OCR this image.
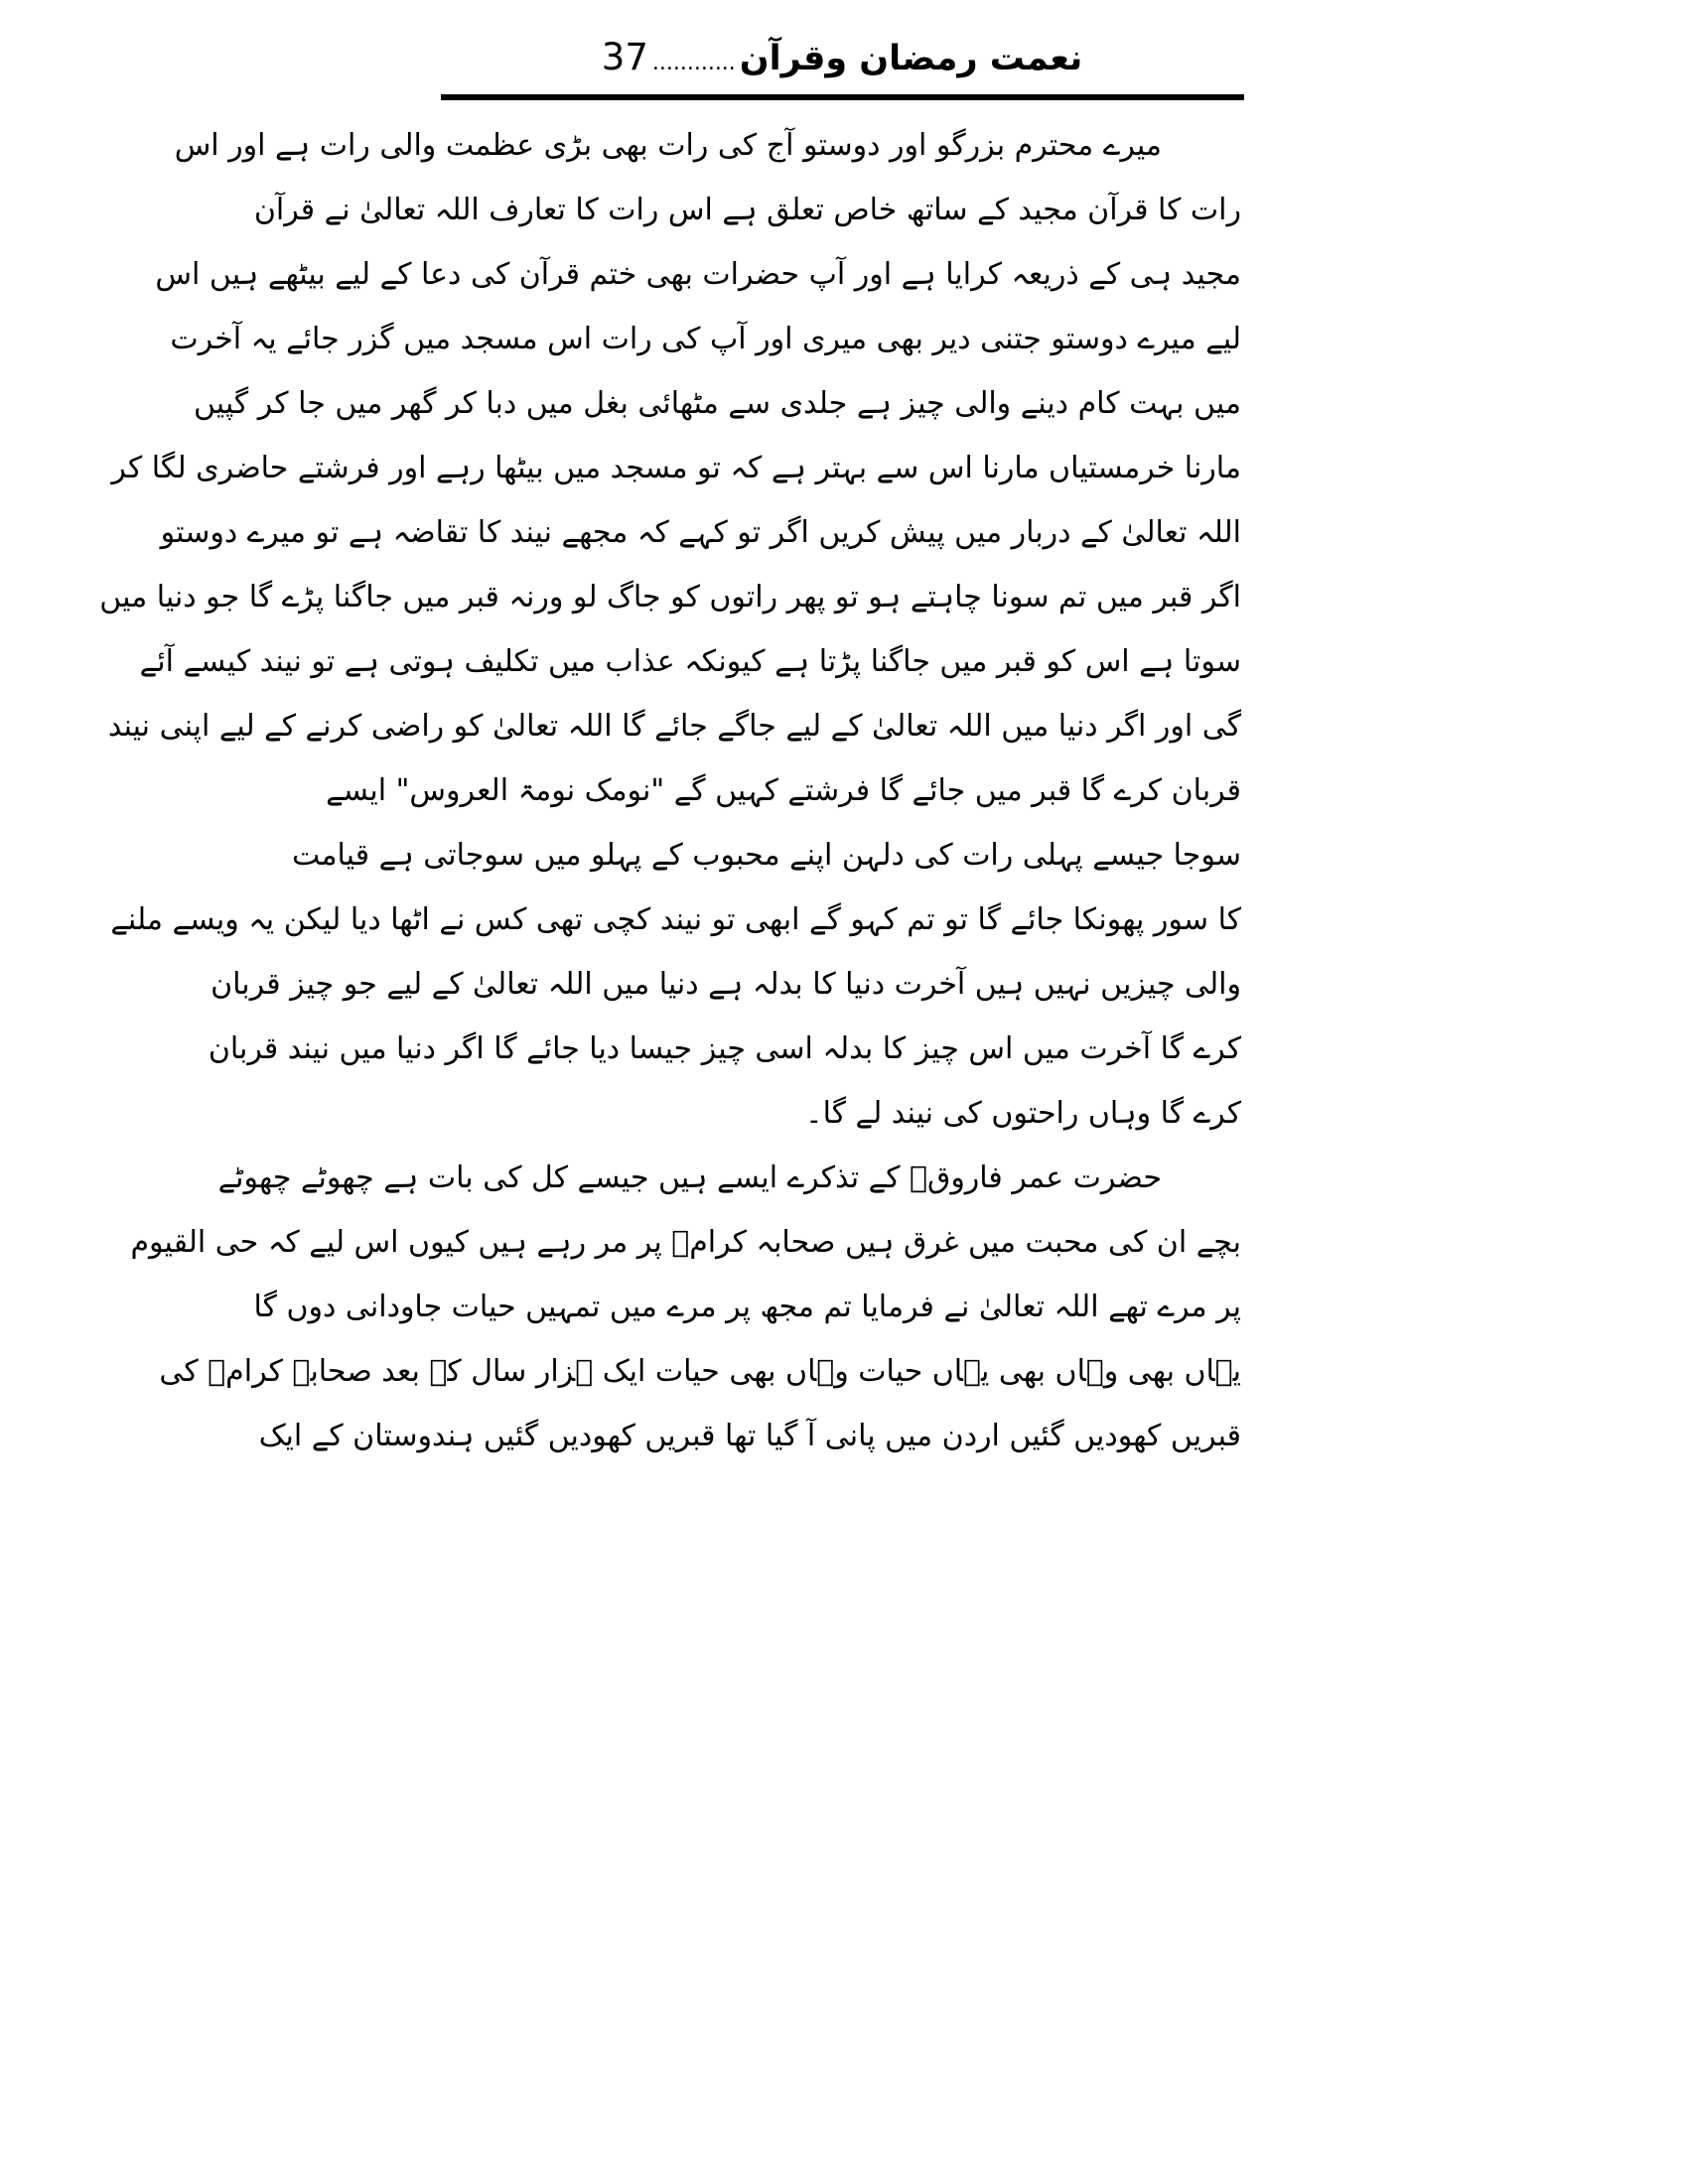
نعمت رمضان وقرآن............37
میرے محترم بزرگو اور دوستو آج کی رات بھی بڑی عظمت والی رات ہے اور اس
رات کا قرآن مجید کے ساتھ خاص تعلق ہے اس رات کا تعارف اللہ تعالیٰ نے قرآن
مجید ہی کے ذریعہ کرایا ہے اور آپ حضرات بھی ختم قرآن کی دعا کے لیے بیٹھے ہیں اس
لیے میرے دوستو جتنی دیر بھی میری اور آپ کی رات اس مسجد میں گزر جائے یہ آخرت
میں بہت کام دینے والی چیز ہے جلدی سے مٹھائی بغل میں دبا کر گھر میں جا کر گپیں
مارنا خرمستیاں مارنا اس سے بہتر ہے کہ تو مسجد میں بیٹھا رہے اور فرشتے حاضری لگا کر
اللہ تعالیٰ کے دربار میں پیش کریں اگر تو کہے کہ مجھے نیند کا تقاضہ ہے تو میرے دوستو
اگر قبر میں تم سونا چاہتے ہو تو پھر راتوں کو جاگ لو ورنہ قبر میں جاگنا پڑے گا جو دنیا میں
سوتا ہے اس کو قبر میں جاگنا پڑتا ہے کیونکہ عذاب میں تکلیف ہوتی ہے تو نیند کیسے آئے
گی اور اگر دنیا میں اللہ تعالیٰ کے لیے جاگے جائے گا اللہ تعالیٰ کو راضی کرنے کے لیے اپنی نیند
قربان کرے گا قبر میں جائے گا فرشتے کہیں گے "نومک نومۃ العروس" ایسے
سوجا جیسے پہلی رات کی دلہن اپنے محبوب کے پہلو میں سوجاتی ہے قیامت
کا سور پھونکا جائے گا تو تم کہو گے ابھی تو نیند کچی تھی کس نے اٹھا دیا لیکن یہ ویسے ملنے
والی چیزیں نہیں ہیں آخرت دنیا کا بدلہ ہے دنیا میں اللہ تعالیٰ کے لیے جو چیز قربان
کرے گا آخرت میں اس چیز کا بدلہ اسی چیز جیسا دیا جائے گا اگر دنیا میں نیند قربان
کرے گا وہاں راحتوں کی نیند لے گا۔
حضرت عمر فاروقؓ کے تذکرے ایسے ہیں جیسے کل کی بات ہے چھوٹے چھوٹے
بچے ان کی محبت میں غرق ہیں صحابہ کرامؓ پر مر رہے ہیں کیوں اس لیے کہ حی القیوم
پر مرے تھے اللہ تعالیٰ نے فرمایا تم مجھ پر مرے میں تمہیں حیات جاودانی دوں گا
یہاں بھی وہاں بھی یہاں حیات وہاں بھی حیات ایک ہزار سال کے بعد صحابہ کرامؓ کی
قبریں کھودیں گئیں اردن میں پانی آ گیا تھا قبریں کھودیں گئیں ہندوستان کے ایک
